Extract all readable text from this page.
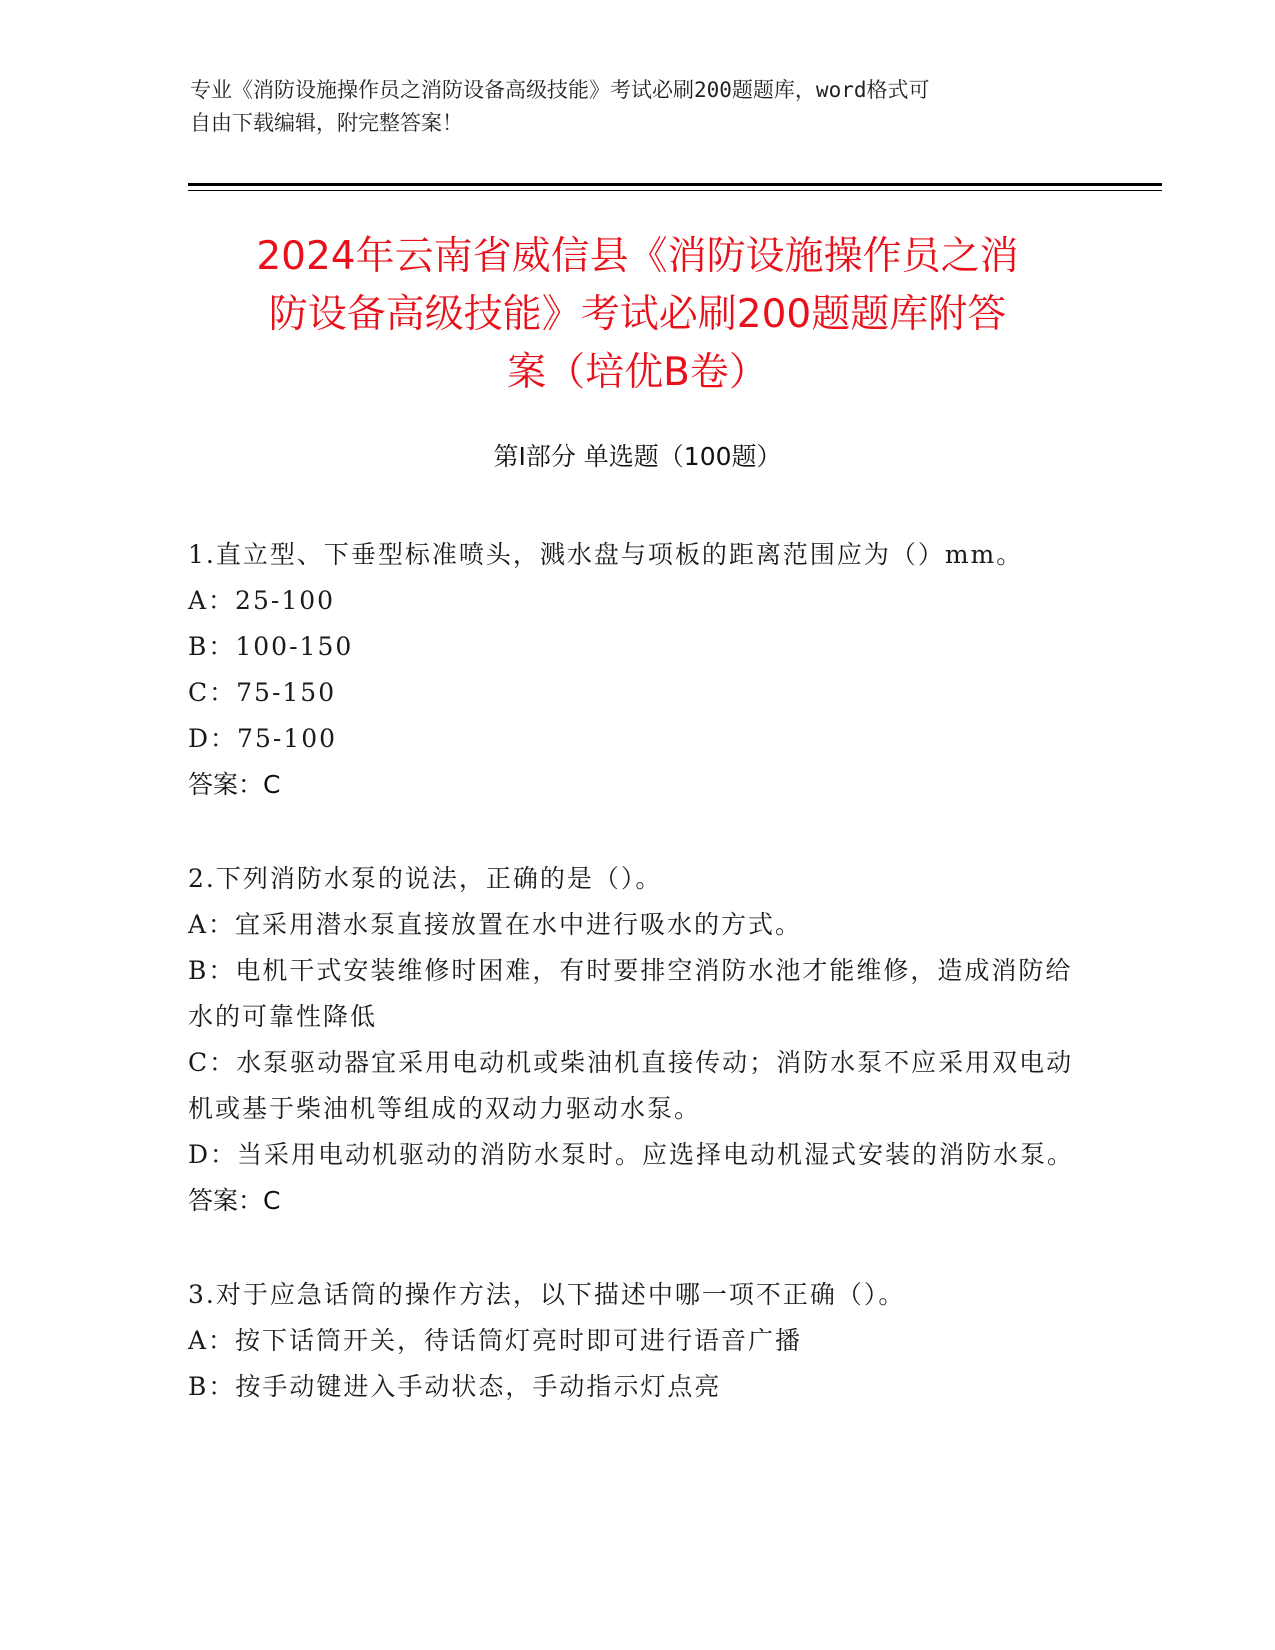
专业《消防设施操作员之消防设备高级技能》考试必刷200题题库，word格式可
自由下载编辑，附完整答案！
2024年云南省威信县《消防设施操作员之消
防设备高级技能》考试必刷200题题库附答
案（培优B卷）
第Ⅰ部分 单选题（100题）

1.直立型、下垂型标准喷头，溅水盘与项板的距离范围应为（）mm。

A：25-100

B：100-150

C：75-150

D：75-100

答案：C

2.下列消防水泵的说法，正确的是（）。

A：宜采用潜水泵直接放置在水中进行吸水的方式。

B：电机干式安装维修时困难，有时要排空消防水池才能维修，造成消防给水的可靠性降低

C：水泵驱动器宜采用电动机或柴油机直接传动；消防水泵不应采用双电动机或基于柴油机等组成的双动力驱动水泵。

D：当采用电动机驱动的消防水泵时。应选择电动机湿式安装的消防水泵。

答案：C

3.对于应急话筒的操作方法，以下描述中哪一项不正确（）。

A：按下话筒开关，待话筒灯亮时即可进行语音广播

B：按手动键进入手动状态，手动指示灯点亮
